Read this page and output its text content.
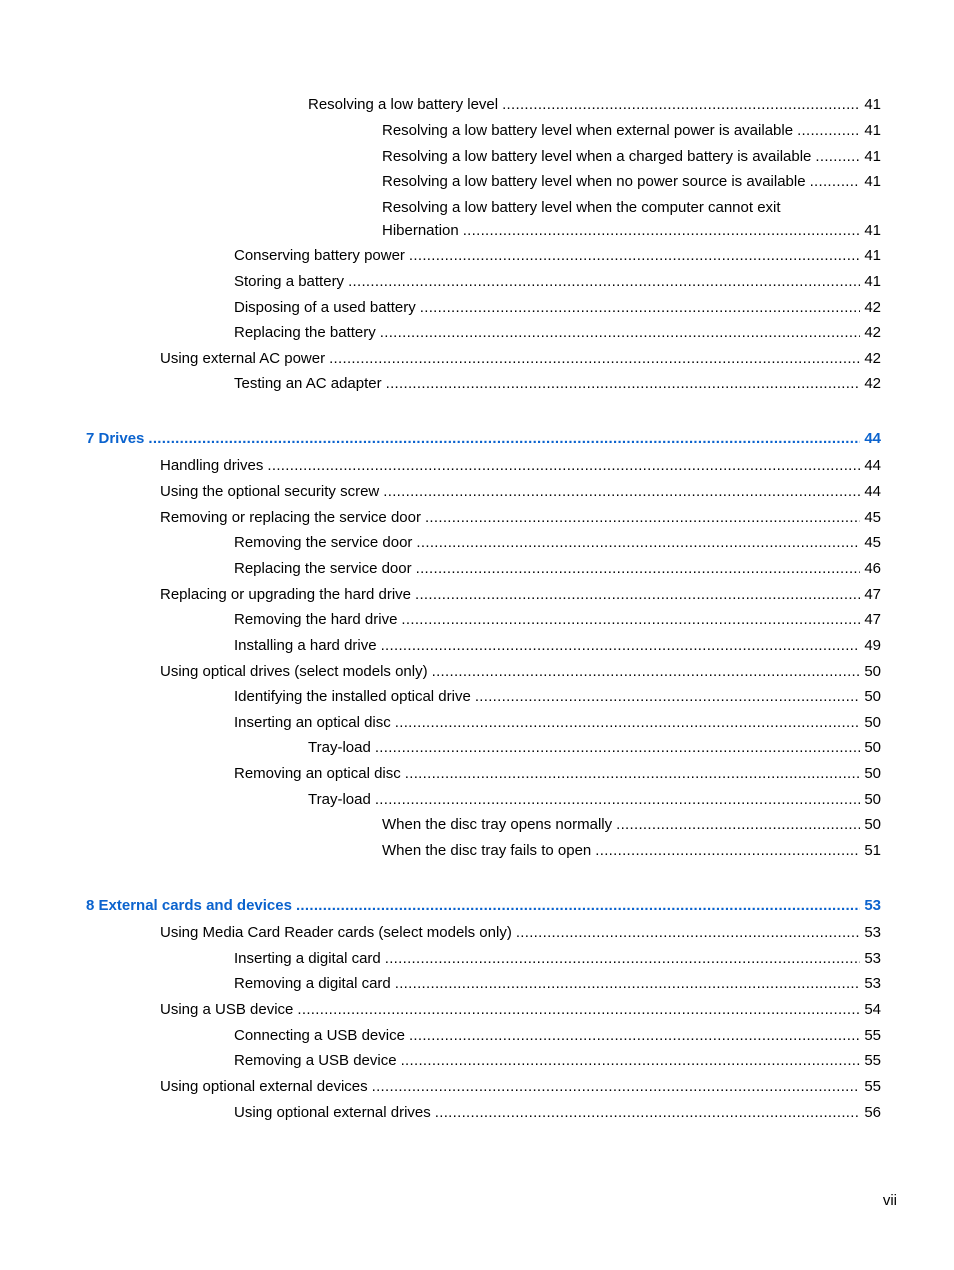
Resolving a low battery level .....	41
Resolving a low battery level when external power is available .....	41
Resolving a low battery level when a charged battery is available .....	41
Resolving a low battery level when no power source is available .....	41
Resolving a low battery level when the computer cannot exit
Hibernation .....	41
Conserving battery power .....	41
Storing a battery .....	41
Disposing of a used battery .....	42
Replacing the battery .....	42
Using external AC power .....	42
Testing an AC adapter .....	42
7 Drives .....	44
Handling drives .....	44
Using the optional security screw .....	44
Removing or replacing the service door .....	45
Removing the service door .....	45
Replacing the service door .....	46
Replacing or upgrading the hard drive .....	47
Removing the hard drive .....	47
Installing a hard drive .....	49
Using optical drives (select models only) .....	50
Identifying the installed optical drive .....	50
Inserting an optical disc .....	50
Tray-load .....	50
Removing an optical disc .....	50
Tray-load .....	50
When the disc tray opens normally .....	50
When the disc tray fails to open .....	51
8 External cards and devices .....	53
Using Media Card Reader cards (select models only) .....	53
Inserting a digital card .....	53
Removing a digital card .....	53
Using a USB device .....	54
Connecting a USB device .....	55
Removing a USB device .....	55
Using optional external devices .....	55
Using optional external drives .....	56
vii
